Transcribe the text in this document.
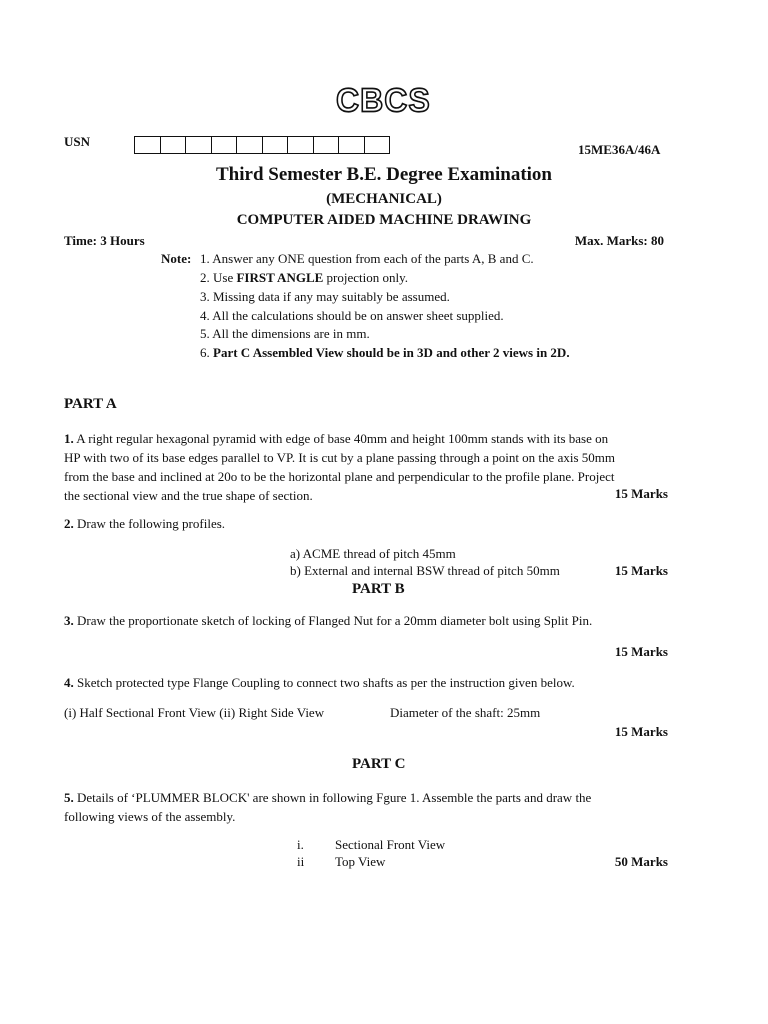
CBCS
USN
15ME36A/46A
Third Semester B.E. Degree Examination
(MECHANICAL)
COMPUTER AIDED MACHINE DRAWING
Time: 3 Hours	Max. Marks: 80
Note: 1. Answer any ONE question from each of the parts A, B and C.
2. Use FIRST ANGLE projection only.
3. Missing data if any may suitably be assumed.
4. All the calculations should be on answer sheet supplied.
5. All the dimensions are in mm.
6. Part C Assembled View should be in 3D and other 2 views in 2D.
PART A
1. A right regular hexagonal pyramid with edge of base 40mm and height 100mm stands with its base on
HP with two of its base edges parallel to VP. It is cut by a plane passing through a point on the axis 50mm
from the base and inclined at 20o to be the horizontal plane and perpendicular to the profile plane. Project
the sectional view and the true shape of section.	15 Marks
2. Draw the following profiles.
a) ACME thread of pitch 45mm
b) External and internal BSW thread of pitch 50mm	15 Marks
PART B
3. Draw the proportionate sketch of locking of Flanged Nut for a 20mm diameter bolt using Split Pin.
15 Marks
4. Sketch protected type Flange Coupling to connect two shafts as per the instruction given below.
(i) Half Sectional Front View (ii) Right Side View	Diameter of the shaft: 25mm
15 Marks
PART C
5. Details of ‘PLUMMER BLOCK' are shown in following Fgure 1. Assemble the parts and draw the
following views of the assembly.
i. Sectional Front View
ii Top View	50 Marks
